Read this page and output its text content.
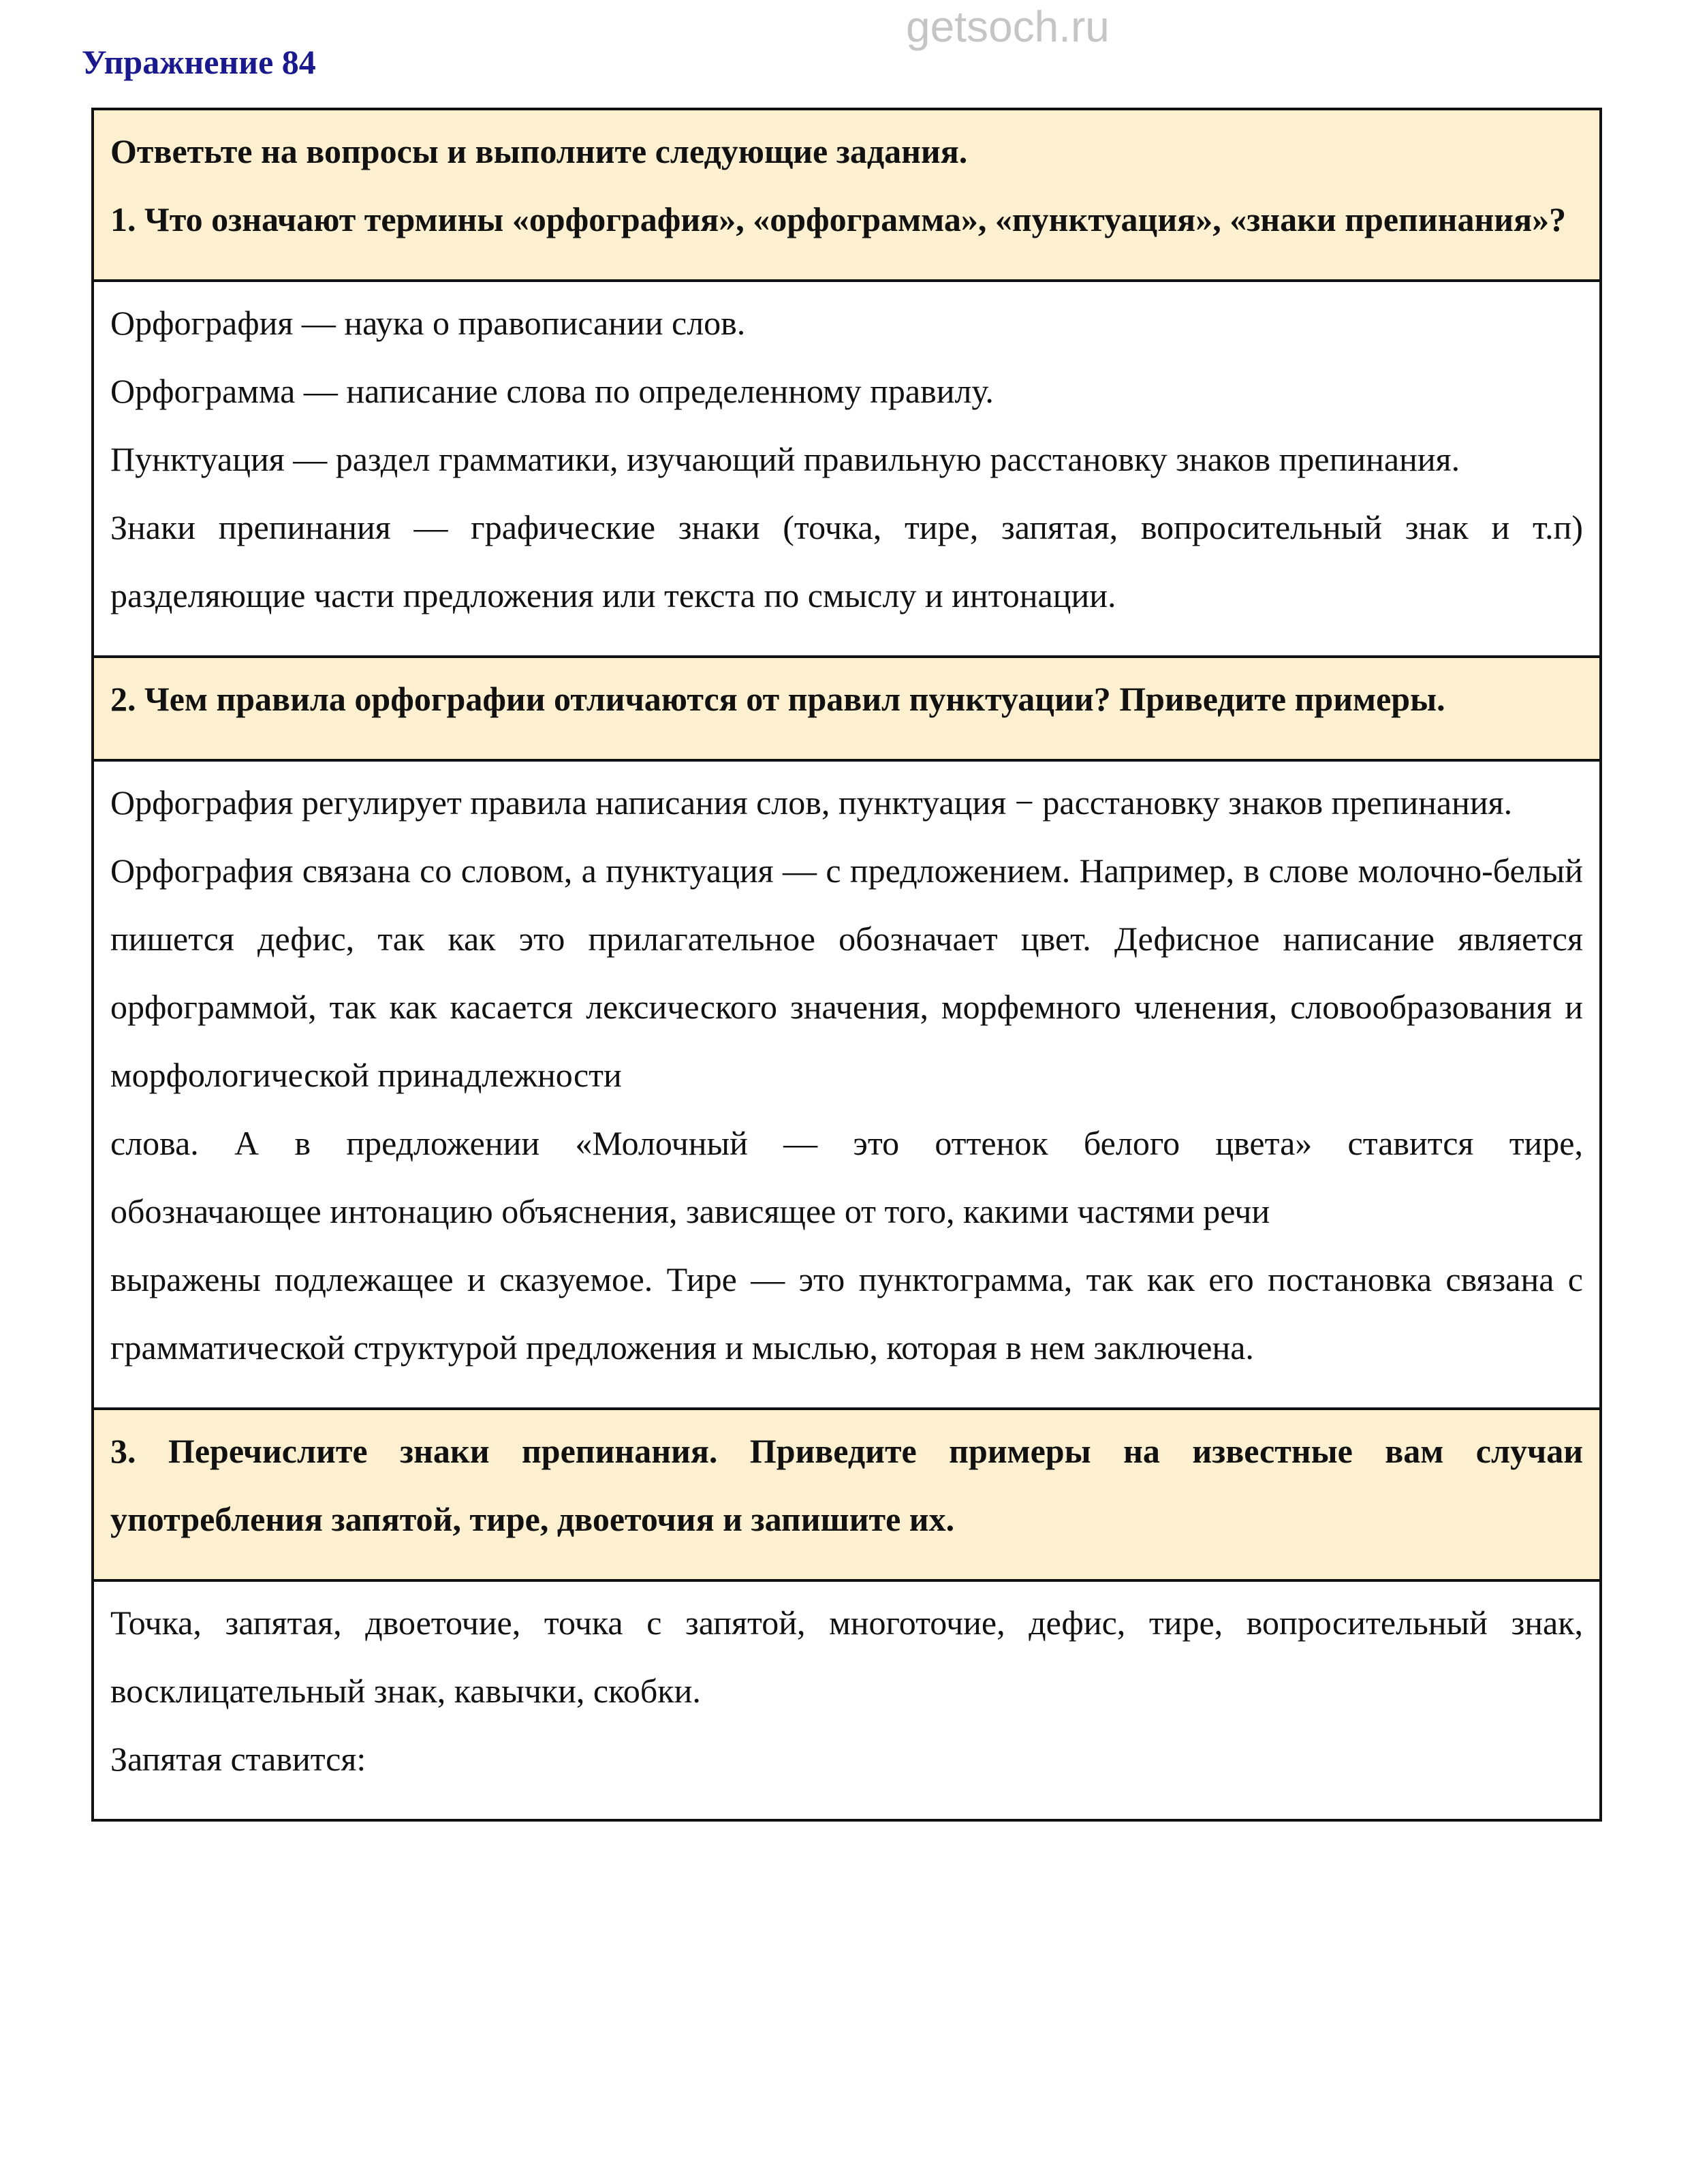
Упражнение 84

Ответьте на вопросы и выполните следующие задания.

1. Что означают термины «орфография», «орфограмма», «пунктуация», «знаки препинания»?

Орфография — наука о правописании слов.

Орфограмма — написание слова по определенному правилу.

Пунктуация — раздел грамматики, изучающий правильную расстановку знаков препинания.

Знаки препинания — графические знаки (точка, тире, запятая, вопросительный знак и т.п) разделяющие части предложения или текста по смыслу и интонации.

2. Чем правила орфографии отличаются от правил пунктуации? Приведите примеры.

Орфография регулирует правила написания слов, пунктуация − расстановку знаков препинания.

Орфография связана со словом, а пунктуация — с предложением. Например, в слове молочно-белый пишется дефис, так как это прилагательное обозначает цвет. Дефисное написание является орфограммой, так как касается лексического значения, морфемного членения, словообразования и морфологической принадлежности

слова. А в предложении «Молочный — это оттенок белого цвета» ставится тире,

обозначающее интонацию объяснения, зависящее от того, какими частями речи

выражены подлежащее и сказуемое. Тире — это пунктограмма, так как его постановка связана с грамматической структурой предложения и мыслью, которая в нем заключена.

3. Перечислите знаки препинания. Приведите примеры на известные вам случаи употребления запятой, тире, двоеточия и запишите их.

Точка, запятая, двоеточие, точка с запятой, многоточие, дефис, тире, вопросительный знак, восклицательный знак, кавычки, скобки.

Запятая ставится:

getsoch.ru
